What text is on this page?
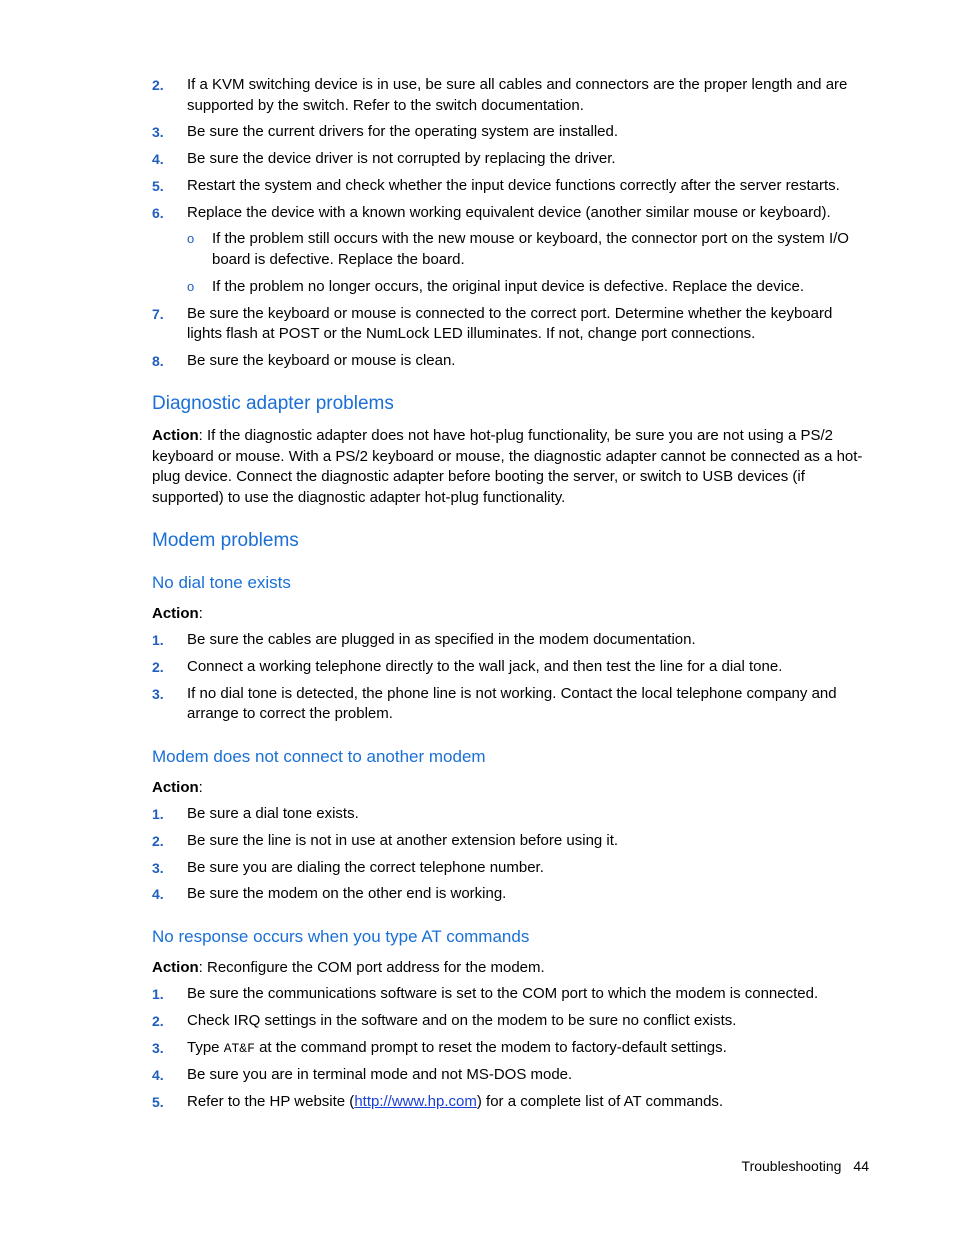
2. If a KVM switching device is in use, be sure all cables and connectors are the proper length and are supported by the switch. Refer to the switch documentation.
3. Be sure the current drivers for the operating system are installed.
4. Be sure the device driver is not corrupted by replacing the driver.
5. Restart the system and check whether the input device functions correctly after the server restarts.
6. Replace the device with a known working equivalent device (another similar mouse or keyboard).
o If the problem still occurs with the new mouse or keyboard, the connector port on the system I/O board is defective. Replace the board.
o If the problem no longer occurs, the original input device is defective. Replace the device.
7. Be sure the keyboard or mouse is connected to the correct port. Determine whether the keyboard lights flash at POST or the NumLock LED illuminates. If not, change port connections.
8. Be sure the keyboard or mouse is clean.
Diagnostic adapter problems
Action: If the diagnostic adapter does not have hot-plug functionality, be sure you are not using a PS/2 keyboard or mouse. With a PS/2 keyboard or mouse, the diagnostic adapter cannot be connected as a hot-plug device. Connect the diagnostic adapter before booting the server, or switch to USB devices (if supported) to use the diagnostic adapter hot-plug functionality.
Modem problems
No dial tone exists
Action:
1. Be sure the cables are plugged in as specified in the modem documentation.
2. Connect a working telephone directly to the wall jack, and then test the line for a dial tone.
3. If no dial tone is detected, the phone line is not working. Contact the local telephone company and arrange to correct the problem.
Modem does not connect to another modem
Action:
1. Be sure a dial tone exists.
2. Be sure the line is not in use at another extension before using it.
3. Be sure you are dialing the correct telephone number.
4. Be sure the modem on the other end is working.
No response occurs when you type AT commands
Action: Reconfigure the COM port address for the modem.
1. Be sure the communications software is set to the COM port to which the modem is connected.
2. Check IRQ settings in the software and on the modem to be sure no conflict exists.
3. Type AT&F at the command prompt to reset the modem to factory-default settings.
4. Be sure you are in terminal mode and not MS-DOS mode.
5. Refer to the HP website (http://www.hp.com) for a complete list of AT commands.
Troubleshooting 44
